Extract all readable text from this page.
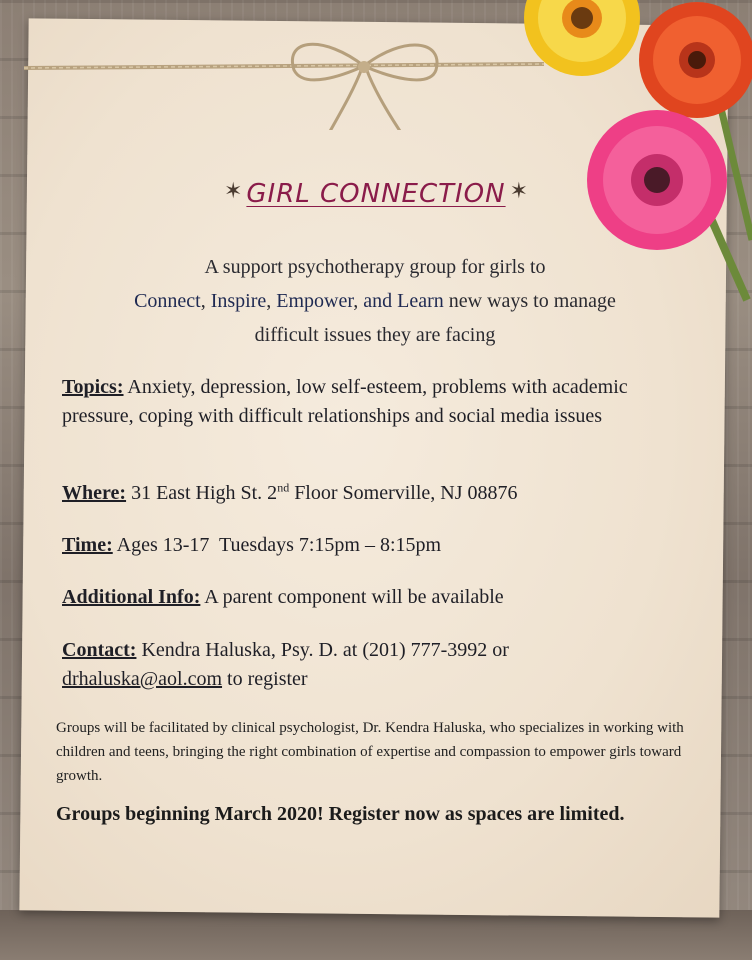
✶ GIRL CONNECTION ✶
A support psychotherapy group for girls to
Connect, Inspire, Empower, and Learn new ways to manage
difficult issues they are facing
Topics: Anxiety, depression, low self-esteem, problems with academic pressure, coping with difficult relationships and social media issues
Where: 31 East High St. 2nd Floor Somerville, NJ 08876
Time: Ages 13-17  Tuesdays 7:15pm – 8:15pm
Additional Info: A parent component will be available
Contact: Kendra Haluska, Psy. D. at (201) 777-3992 or
drhaluska@aol.com to register
Groups will be facilitated by clinical psychologist, Dr. Kendra Haluska, who specializes in working with children and teens, bringing the right combination of expertise and compassion to empower girls toward growth.
Groups beginning March 2020! Register now as spaces are limited.
